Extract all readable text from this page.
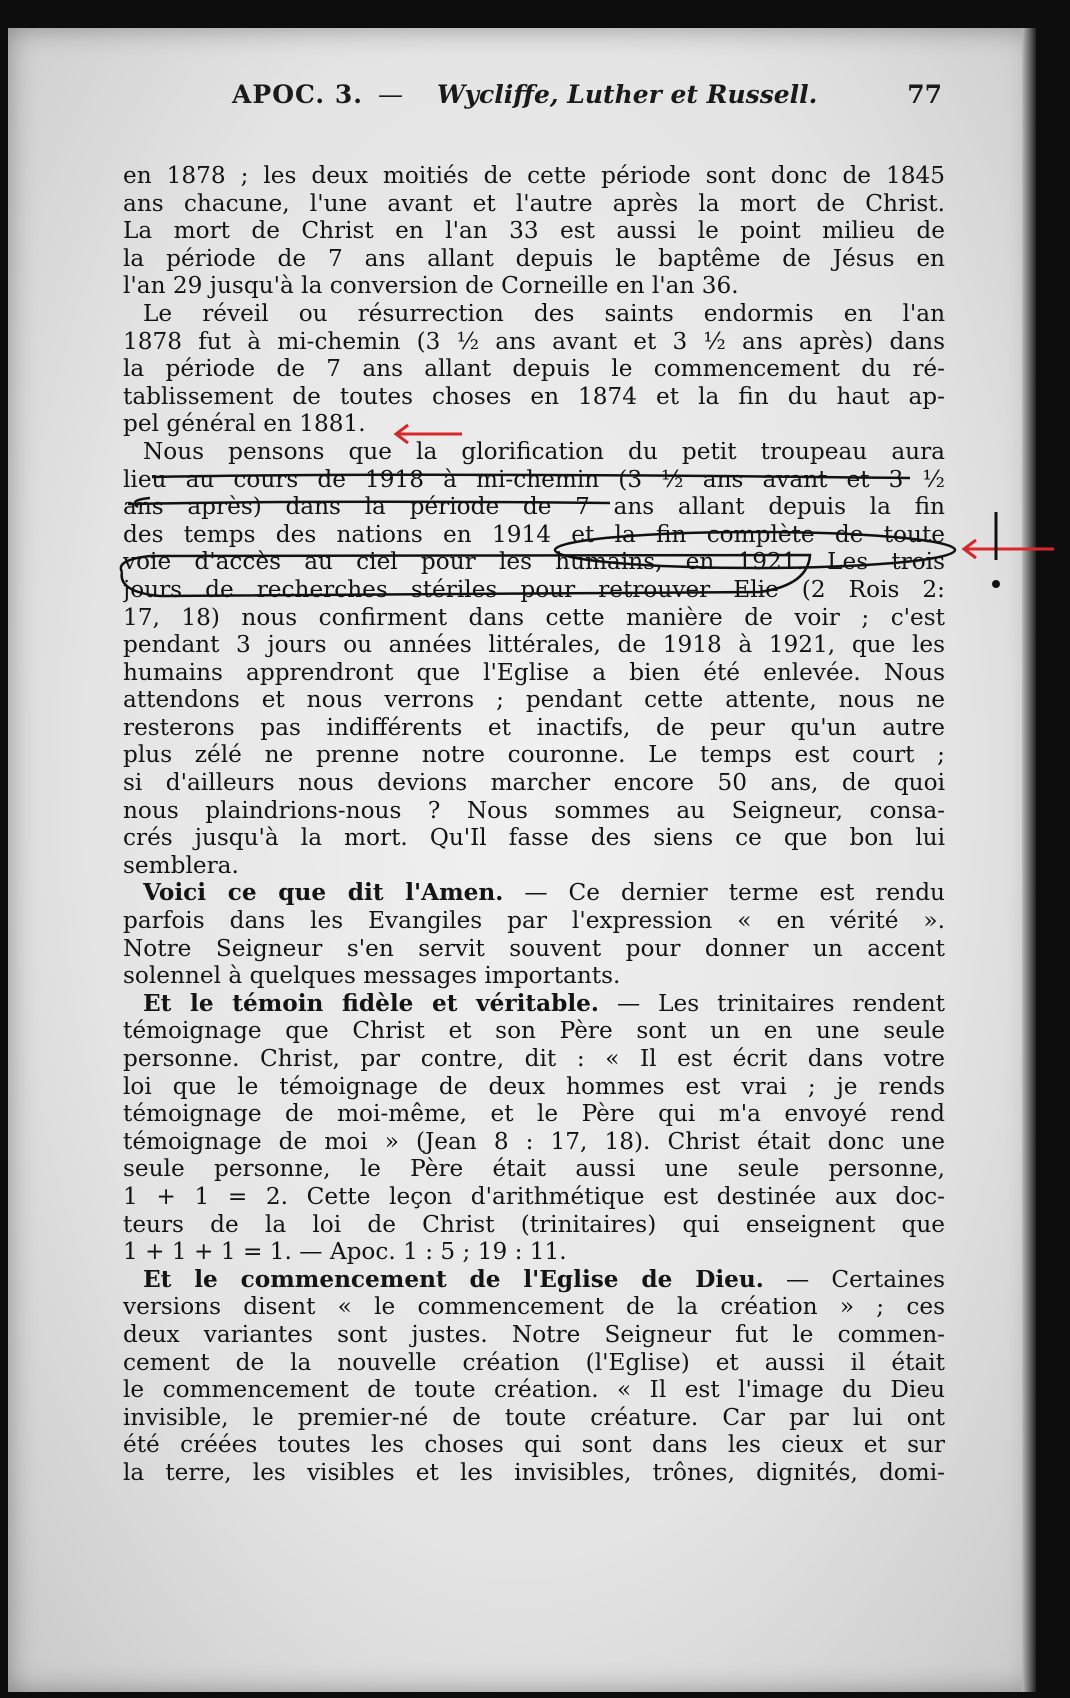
APOC. 3. — Wycliffe, Luther et Russell.	77
en 1878 ; les deux moitiés de cette période sont donc de 1845
ans chacune, l'une avant et l'autre après la mort de Christ.
La mort de Christ en l'an 33 est aussi le point milieu de
la période de 7 ans allant depuis le baptême de Jésus en
l'an 29 jusqu'à la conversion de Corneille en l'an 36.
Le réveil ou résurrection des saints endormis en l'an
1878 fut à mi-chemin (3 ½ ans avant et 3 ½ ans après) dans
la période de 7 ans allant depuis le commencement du ré-
tablissement de toutes choses en 1874 et la fin du haut ap-
pel général en 1881.
Nous pensons que la glorification du petit troupeau aura
lieu au cours de 1918 à mi-chemin (3 ½ ans avant et 3 ½
ans après) dans la période de 7 ans allant depuis la fin
des temps des nations en 1914 et la fin complète de toute
voie d'accès au ciel pour les humains, en 1921. Les trois
jours de recherches stériles pour retrouver Elie (2 Rois 2:
17, 18) nous confirment dans cette manière de voir ; c'est
pendant 3 jours ou années littérales, de 1918 à 1921, que les
humains apprendront que l'Eglise a bien été enlevée. Nous
attendons et nous verrons ; pendant cette attente, nous ne
resterons pas indifférents et inactifs, de peur qu'un autre
plus zélé ne prenne notre couronne. Le temps est court ;
si d'ailleurs nous devions marcher encore 50 ans, de quoi
nous plaindrions-nous ? Nous sommes au Seigneur, consa-
crés jusqu'à la mort. Qu'Il fasse des siens ce que bon lui
semblera.
Voici ce que dit l'Amen. — Ce dernier terme est rendu
parfois dans les Evangiles par l'expression « en vérité ».
Notre Seigneur s'en servit souvent pour donner un accent
solennel à quelques messages importants.
Et le témoin fidèle et véritable. — Les trinitaires rendent
témoignage que Christ et son Père sont un en une seule
personne. Christ, par contre, dit : « Il est écrit dans votre
loi que le témoignage de deux hommes est vrai ; je rends
témoignage de moi-même, et le Père qui m'a envoyé rend
témoignage de moi » (Jean 8 : 17, 18). Christ était donc une
seule personne, le Père était aussi une seule personne,
1 + 1 = 2. Cette leçon d'arithmétique est destinée aux doc-
teurs de la loi de Christ (trinitaires) qui enseignent que
1 + 1 + 1 = 1. — Apoc. 1 : 5 ; 19 : 11.
Et le commencement de l'Eglise de Dieu. — Certaines
versions disent « le commencement de la création » ; ces
deux variantes sont justes. Notre Seigneur fut le commen-
cement de la nouvelle création (l'Eglise) et aussi il était
le commencement de toute création. « Il est l'image du Dieu
invisible, le premier-né de toute créature. Car par lui ont
été créées toutes les choses qui sont dans les cieux et sur
la terre, les visibles et les invisibles, trônes, dignités, domi-
